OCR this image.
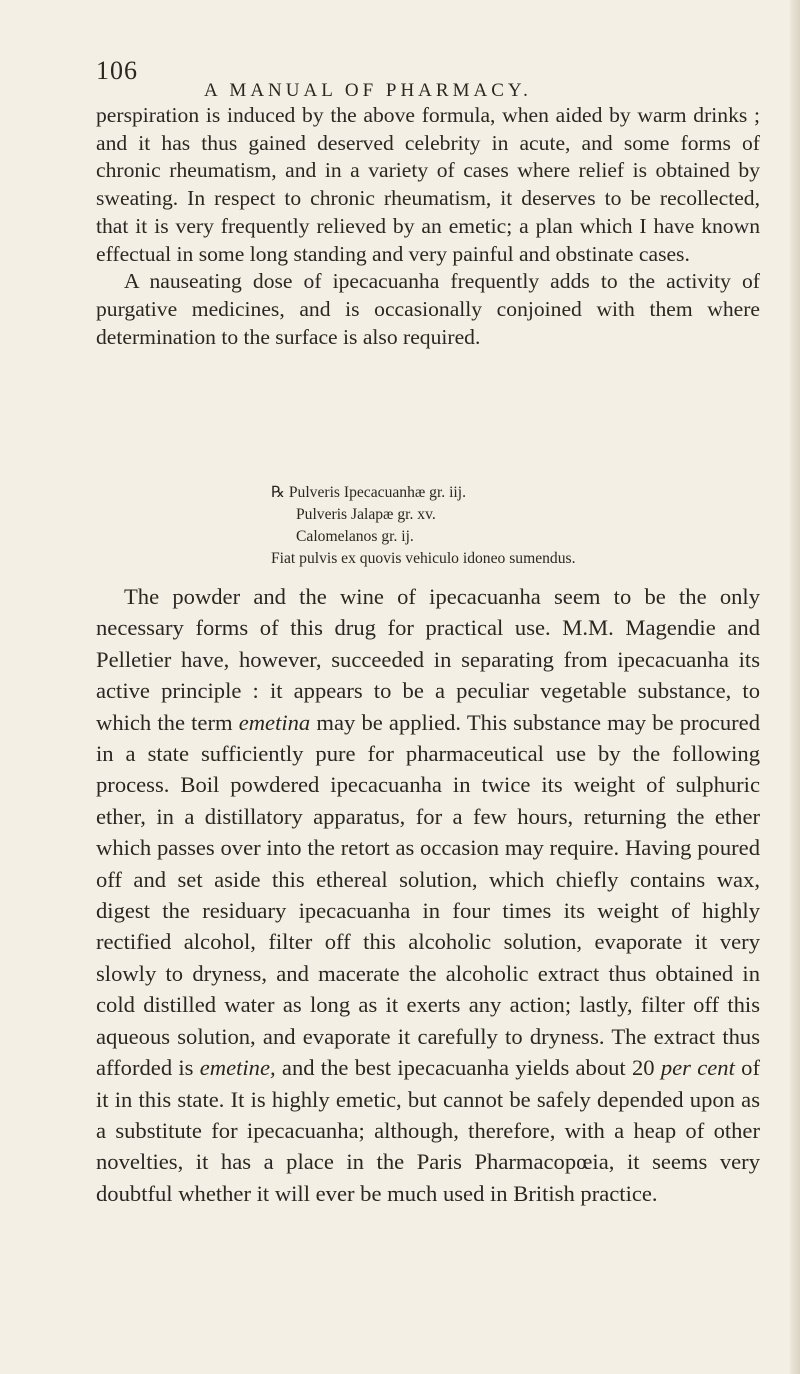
106
A MANUAL OF PHARMACY.

perspiration is induced by the above formula, when aided by warm drinks ; and it has thus gained deserved celebrity in acute, and some forms of chronic rheumatism, and in a variety of cases where relief is obtained by sweating. In respect to chronic rheumatism, it deserves to be recollected, that it is very frequently relieved by an emetic; a plan which I have known effectual in some long standing and very painful and obstinate cases.

A nauseating dose of ipecacuanha frequently adds to the activity of purgative medicines, and is occasionally conjoined with them where determination to the surface is also required.

℞ Pulveris Ipecacuanhæ gr. iij.
Pulveris Jalapæ gr. xv.
Calomelanos gr. ij.
Fiat pulvis ex quovis vehiculo idoneo sumendus.

The powder and the wine of ipecacuanha seem to be the only necessary forms of this drug for practical use. M.M. Magendie and Pelletier have, however, succeeded in separating from ipecacuanha its active principle : it appears to be a peculiar vegetable substance, to which the term emetina may be applied. This substance may be procured in a state sufficiently pure for pharmaceutical use by the following process. Boil powdered ipecacuanha in twice its weight of sulphuric ether, in a distillatory apparatus, for a few hours, returning the ether which passes over into the retort as occasion may require. Having poured off and set aside this ethereal solution, which chiefly contains wax, digest the residuary ipecacuanha in four times its weight of highly rectified alcohol, filter off this alcoholic solution, evaporate it very slowly to dryness, and macerate the alcoholic extract thus obtained in cold distilled water as long as it exerts any action; lastly, filter off this aqueous solution, and evaporate it carefully to dryness. The extract thus afforded is emetine, and the best ipecacuanha yields about 20 per cent of it in this state. It is highly emetic, but cannot be safely depended upon as a substitute for ipecacuanha; although, therefore, with a heap of other novelties, it has a place in the Paris Pharmacopœia, it seems very doubtful whether it will ever be much used in British practice.
